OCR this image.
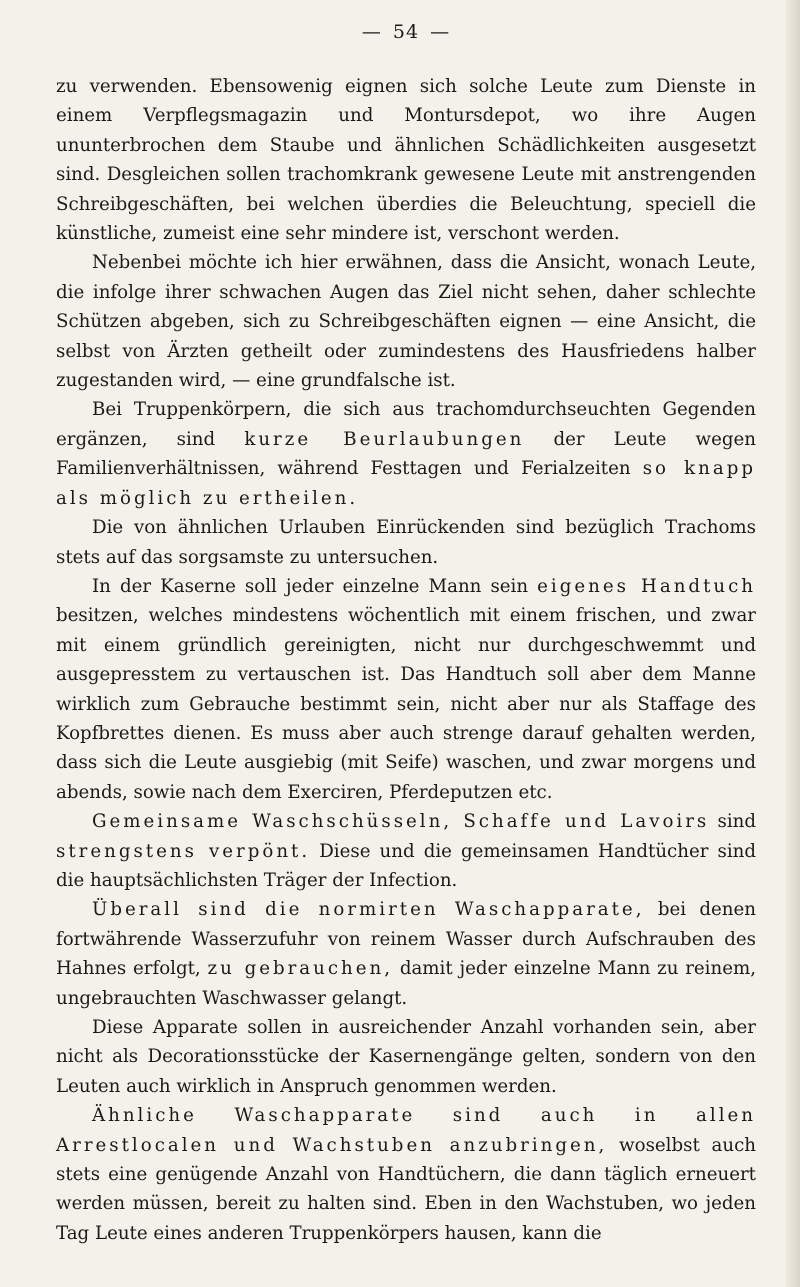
— 54 —

zu verwenden. Ebensowenig eignen sich solche Leute zum Dienste in einem Verpflegsmagazin und Montursdepot, wo ihre Augen ununterbrochen dem Staube und ähnlichen Schädlichkeiten ausgesetzt sind. Desgleichen sollen trachomkrank gewesene Leute mit anstrengenden Schreibgeschäften, bei welchen überdies die Beleuchtung, speciell die künstliche, zumeist eine sehr mindere ist, verschont werden.

Nebenbei möchte ich hier erwähnen, dass die Ansicht, wonach Leute, die infolge ihrer schwachen Augen das Ziel nicht sehen, daher schlechte Schützen abgeben, sich zu Schreibgeschäften eignen — eine Ansicht, die selbst von Ärzten getheilt oder zumindestens des Hausfriedens halber zugestanden wird, — eine grundfalsche ist.

Bei Truppenkörpern, die sich aus trachomdurchseuchten Gegenden ergänzen, sind kurze Beurlaubungen der Leute wegen Familienverhältnissen, während Festtagen und Ferialzeiten so knapp als möglich zu ertheilen.

Die von ähnlichen Urlauben Einrückenden sind bezüglich Trachoms stets auf das sorgsamste zu untersuchen.

In der Kaserne soll jeder einzelne Mann sein eigenes Handtuch besitzen, welches mindestens wöchentlich mit einem frischen, und zwar mit einem gründlich gereinigten, nicht nur durchgeschwemmt und ausgepresstem zu vertauschen ist. Das Handtuch soll aber dem Manne wirklich zum Gebrauche bestimmt sein, nicht aber nur als Staffage des Kopfbrettes dienen. Es muss aber auch strenge darauf gehalten werden, dass sich die Leute ausgiebig (mit Seife) waschen, und zwar morgens und abends, sowie nach dem Exerciren, Pferdeputzen etc.

Gemeinsame Waschschüsseln, Schaffe und Lavoirs sind strengstens verpönt. Diese und die gemeinsamen Handtücher sind die hauptsächlichsten Träger der Infection.

Überall sind die normirten Waschapparate, bei denen fortwährende Wasserzufuhr von reinem Wasser durch Aufschrauben des Hahnes erfolgt, zu gebrauchen, damit jeder einzelne Mann zu reinem, ungebrauchten Waschwasser gelangt.

Diese Apparate sollen in ausreichender Anzahl vorhanden sein, aber nicht als Decorationsstücke der Kasernengänge gelten, sondern von den Leuten auch wirklich in Anspruch genommen werden.

Ähnliche Waschapparate sind auch in allen Arrestlocalen und Wachstuben anzubringen, woselbst auch stets eine genügende Anzahl von Handtüchern, die dann täglich erneuert werden müssen, bereit zu halten sind. Eben in den Wachstuben, wo jeden Tag Leute eines anderen Truppenkörpers hausen, kann die
